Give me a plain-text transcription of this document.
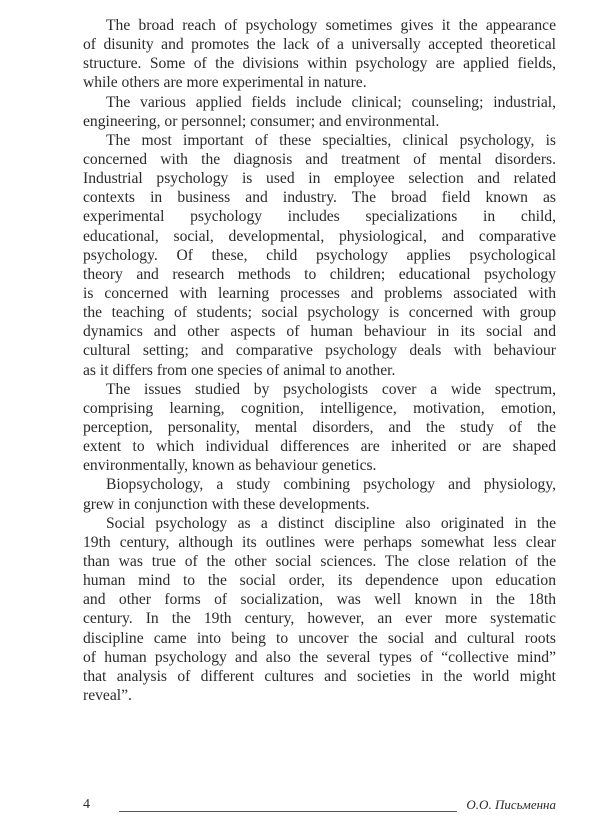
The broad reach of psychology sometimes gives it the appearance
of disunity and promotes the lack of a universally accepted theoretical
structure. Some of the divisions within psychology are applied fields,
while others are more experimental in nature.
The various applied fields include clinical; counseling; industrial,
engineering, or personnel; consumer; and environmental.
The most important of these specialties, clinical psychology, is
concerned with the diagnosis and treatment of mental disorders.
Industrial psychology is used in employee selection and related
contexts in business and industry. The broad field known as
experimental psychology includes specializations in child,
educational, social, developmental, physiological, and comparative
psychology. Of these, child psychology applies psychological
theory and research methods to children; educational psychology
is concerned with learning processes and problems associated with
the teaching of students; social psychology is concerned with group
dynamics and other aspects of human behaviour in its social and
cultural setting; and comparative psychology deals with behaviour
as it differs from one species of animal to another.
The issues studied by psychologists cover a wide spectrum,
comprising learning, cognition, intelligence, motivation, emotion,
perception, personality, mental disorders, and the study of the
extent to which individual differences are inherited or are shaped
environmentally, known as behaviour genetics.
Biopsychology, a study combining psychology and physiology,
grew in conjunction with these developments.
Social psychology as a distinct discipline also originated in the
19th century, although its outlines were perhaps somewhat less clear
than was true of the other social sciences. The close relation of the
human mind to the social order, its dependence upon education
and other forms of socialization, was well known in the 18th
century. In the 19th century, however, an ever more systematic
discipline came into being to uncover the social and cultural roots
of human psychology and also the several types of “collective mind”
that analysis of different cultures and societies in the world might
reveal”.
4	О.О. Письменна
